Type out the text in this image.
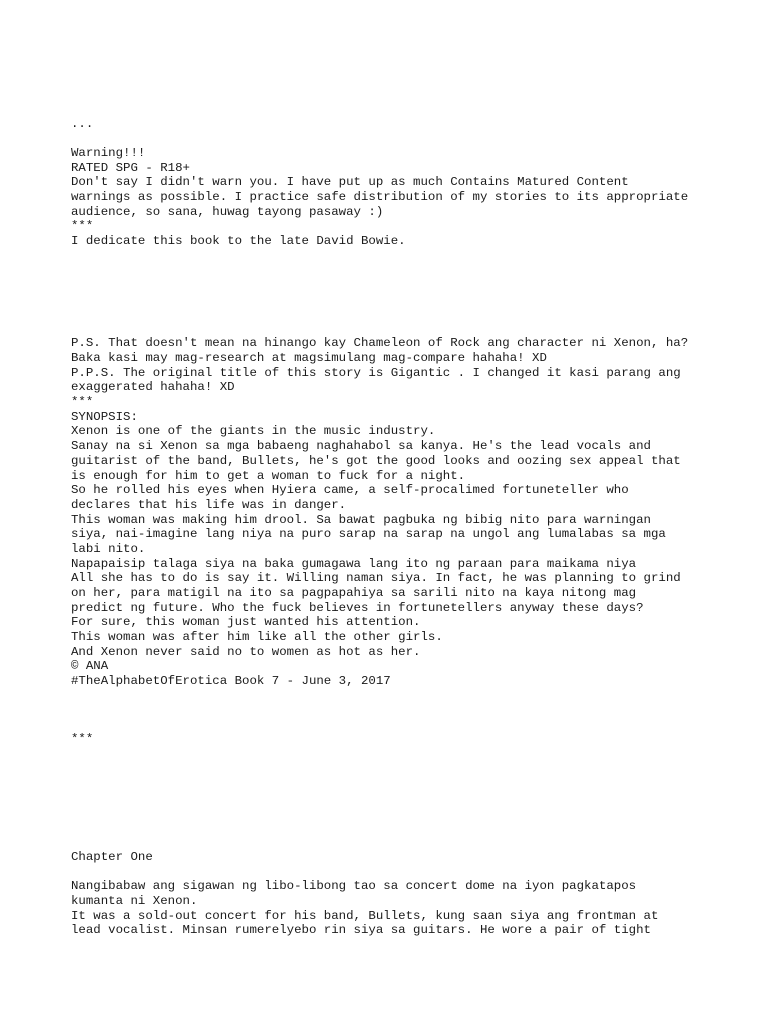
...

Warning!!!

RATED SPG - R18+

Don't say I didn't warn you. I have put up as much Contains Matured Content

warnings as possible. I practice safe distribution of my stories to its appropriate

audience, so sana, huwag tayong pasaway :)

***

I dedicate this book to the late David Bowie.

P.S. That doesn't mean na hinango kay Chameleon of Rock ang character ni Xenon, ha?

Baka kasi may mag-research at magsimulang mag-compare hahaha! XD

P.P.S. The original title of this story is Gigantic . I changed it kasi parang ang

exaggerated hahaha! XD

***

SYNOPSIS:

Xenon is one of the giants in the music industry.

Sanay na si Xenon sa mga babaeng naghahabol sa kanya. He's the lead vocals and

guitarist of the band, Bullets, he's got the good looks and oozing sex appeal that

is enough for him to get a woman to fuck for a night.

So he rolled his eyes when Hyiera came, a self-procalimed fortuneteller who

declares that his life was in danger.

This woman was making him drool. Sa bawat pagbuka ng bibig nito para warningan

siya, nai-imagine lang niya na puro sarap na sarap na ungol ang lumalabas sa mga

labi nito.

Napapaisip talaga siya na baka gumagawa lang ito ng paraan para maikama niya

All she has to do is say it. Willing naman siya. In fact, he was planning to grind

on her, para matigil na ito sa pagpapahiya sa sarili nito na kaya nitong mag

predict ng future. Who the fuck believes in fortunetellers anyway these days?

For sure, this woman just wanted his attention.

This woman was after him like all the other girls.

And Xenon never said no to women as hot as her.

© ANA

#TheAlphabetOfErotica Book 7 - June 3, 2017

***

Chapter One

Nangibabaw ang sigawan ng libo-libong tao sa concert dome na iyon pagkatapos

kumanta ni Xenon.

It was a sold-out concert for his band, Bullets, kung saan siya ang frontman at

lead vocalist. Minsan rumerelyebo rin siya sa guitars. He wore a pair of tight
